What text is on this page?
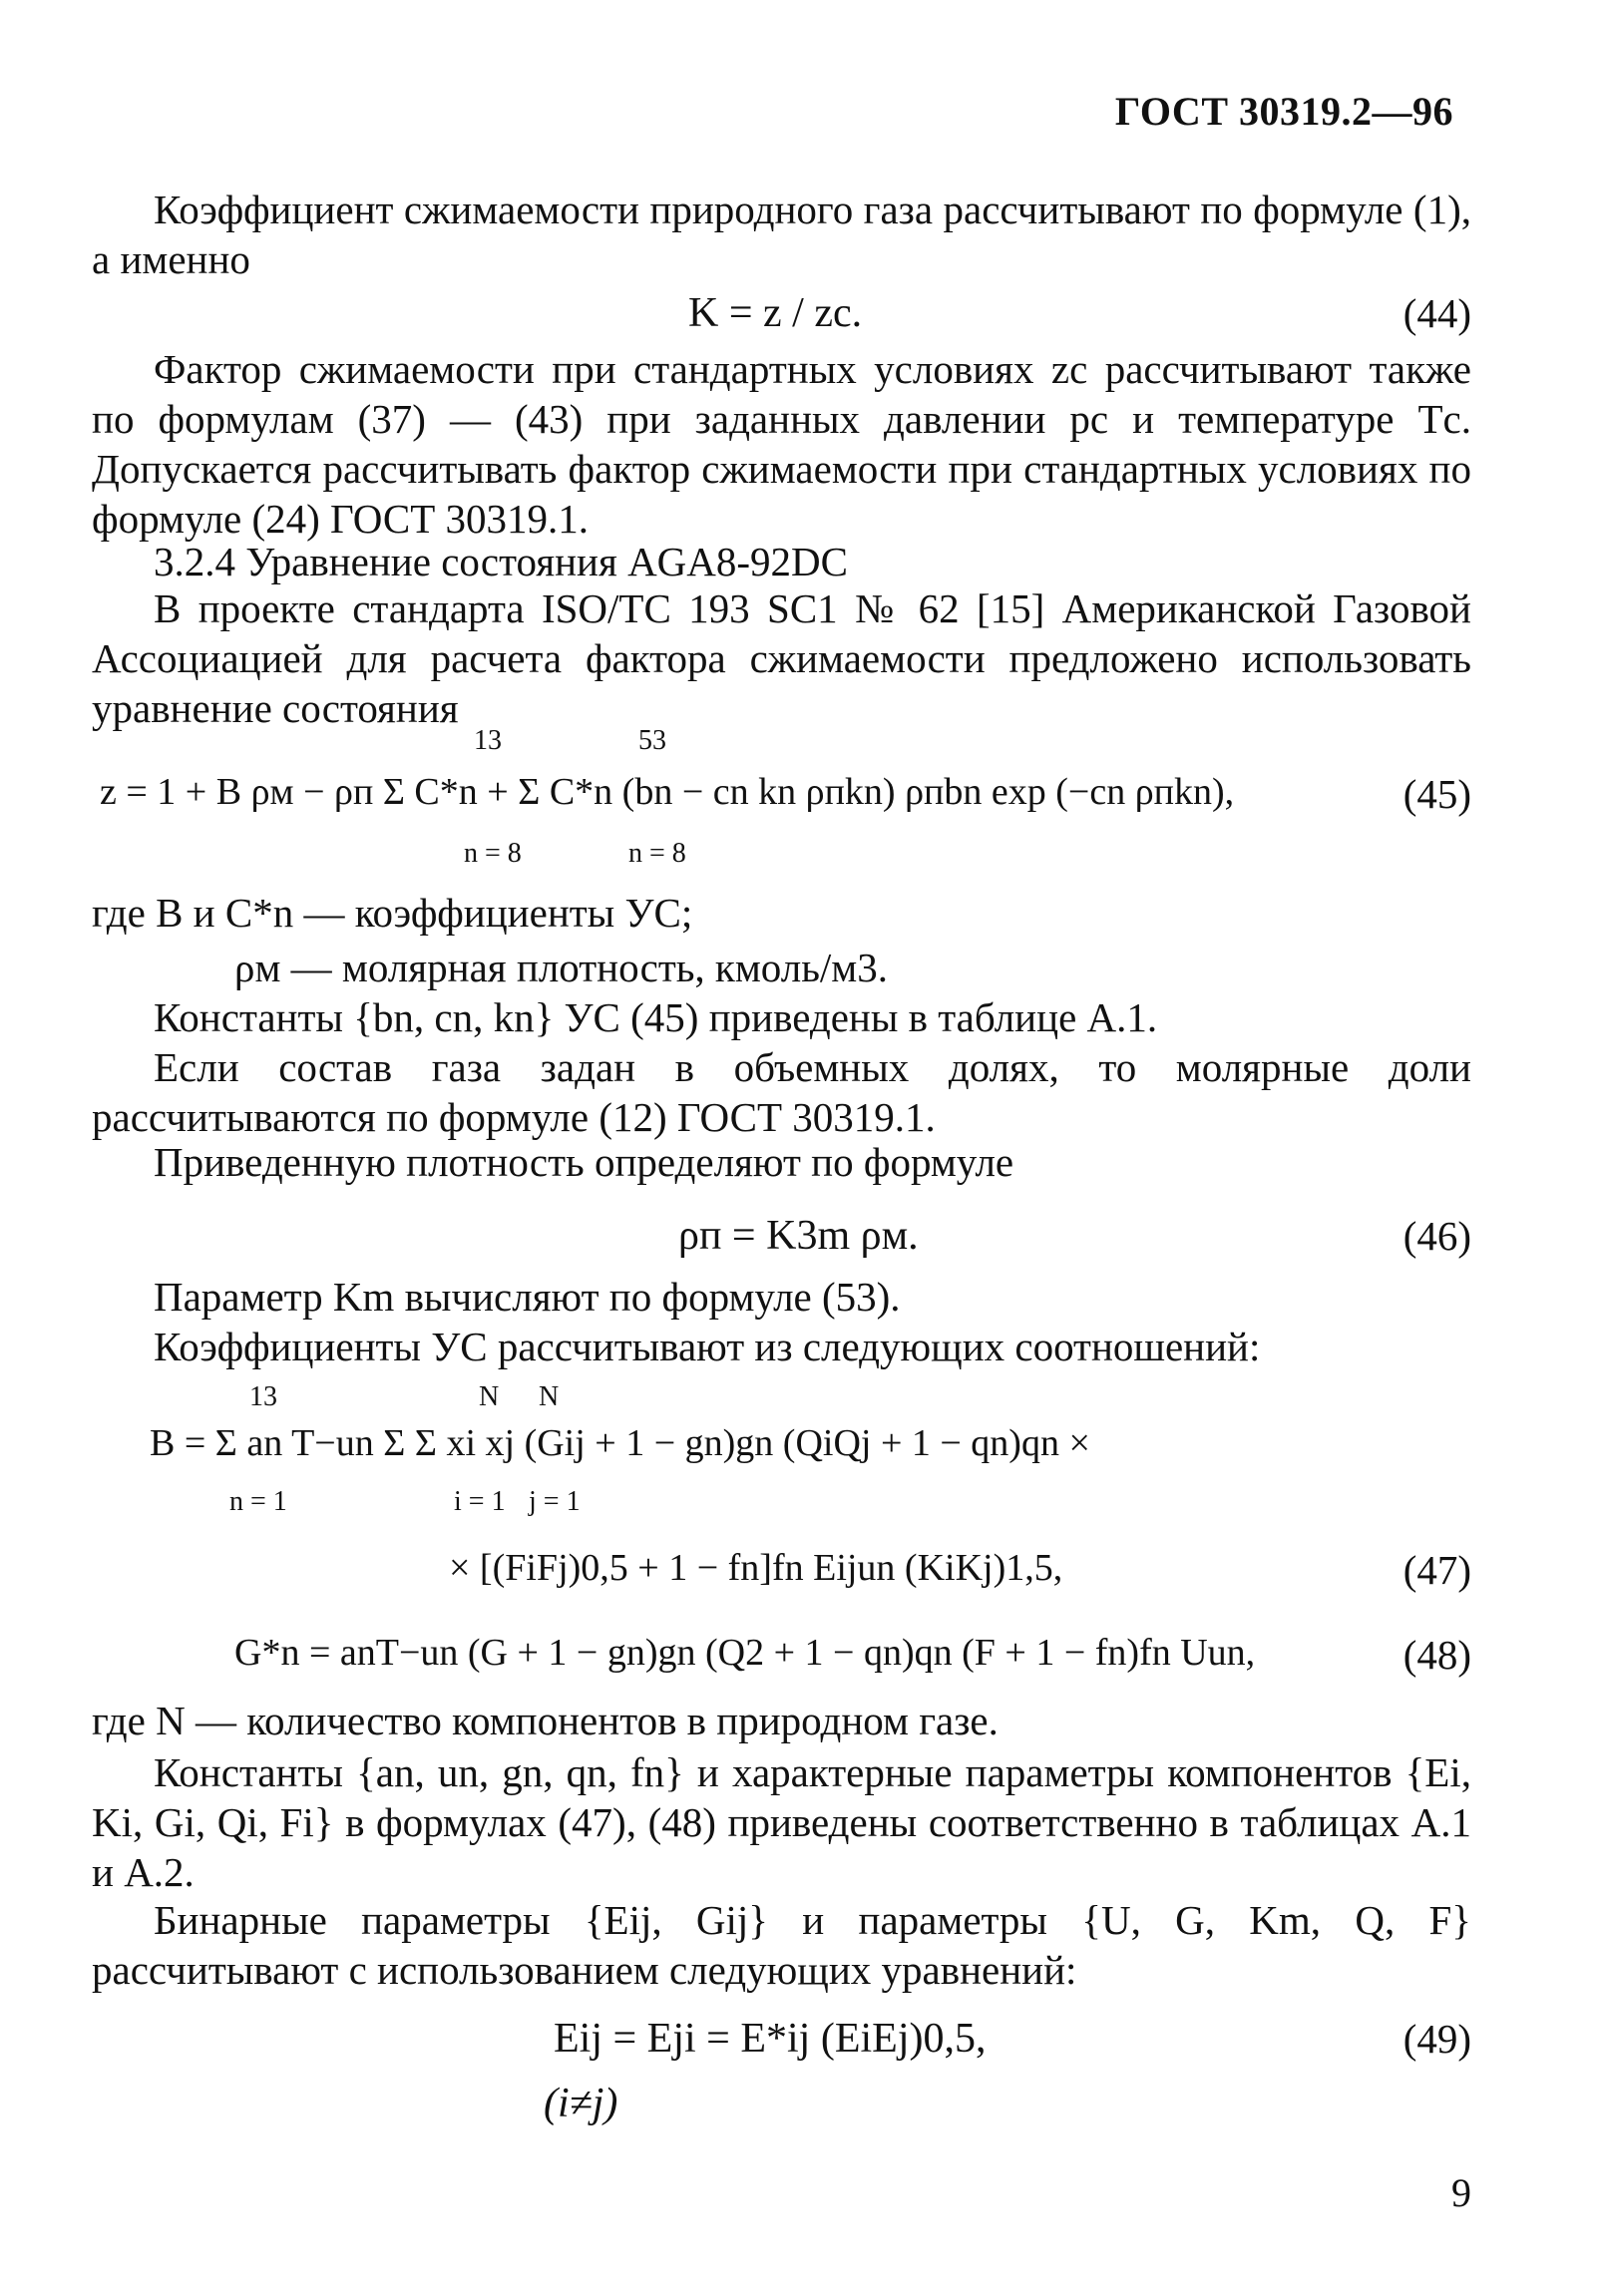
ГОСТ 30319.2—96
Коэффициент сжимаемости природного газа рассчитывают по формуле (1), а именно
K = z / zс.	(44)
Фактор сжимаемости при стандартных условиях zс рассчитывают также по формулам (37) — (43) при заданных давлении pс и температуре Tс. Допускается рассчитывать фактор сжимаемости при стандартных условиях по формуле (24) ГОСТ 30319.1.
3.2.4 Уравнение состояния AGA8-92DC
В проекте стандарта ISO/TC 193 SC1 № 62 [15] Американской Газовой Ассоциацией для расчета фактора сжимаемости предложено использовать уравнение состояния
13	53
z = 1 + B ρм − ρп Σ C*n + Σ C*n (bn − cn kn ρпkn) ρпbn exp (−cn ρпkn),
n = 8	n = 8
(45)
где B и C*n — коэффициенты УС;
ρм — молярная плотность, кмоль/м3.
Константы {bn, cn, kn} УС (45) приведены в таблице А.1.
Если состав газа задан в объемных долях, то молярные доли рассчитываются по формуле (12) ГОСТ 30319.1.
Приведенную плотность определяют по формуле
ρп = K3m ρм.	(46)
Параметр Km вычисляют по формуле (53).
Коэффициенты УС рассчитывают из следующих соотношений:
13	N N
B = Σ an T−un Σ Σ xi xj (Gij + 1 − gn)gn (QiQj + 1 − qn)qn ×
n = 1	i = 1 j = 1
× [(FiFj)0,5 + 1 − fn]fn Eijun (KiKj)1,5,	(47)
G*n = anT−un (G + 1 − gn)gn (Q2 + 1 − qn)qn (F + 1 − fn)fn Uun,	(48)
где N — количество компонентов в природном газе.
Константы {an, un, gn, qn, fn} и характерные параметры компонентов {Ei, Ki, Gi, Qi, Fi} в формулах (47), (48) приведены соответственно в таблицах А.1 и А.2.
Бинарные параметры {Eij, Gij} и параметры {U, G, Km, Q, F} рассчитывают с использованием следующих уравнений:
Eij = Eji = E*ij (EiEj)0,5,	(49)
(i≠j)
9
